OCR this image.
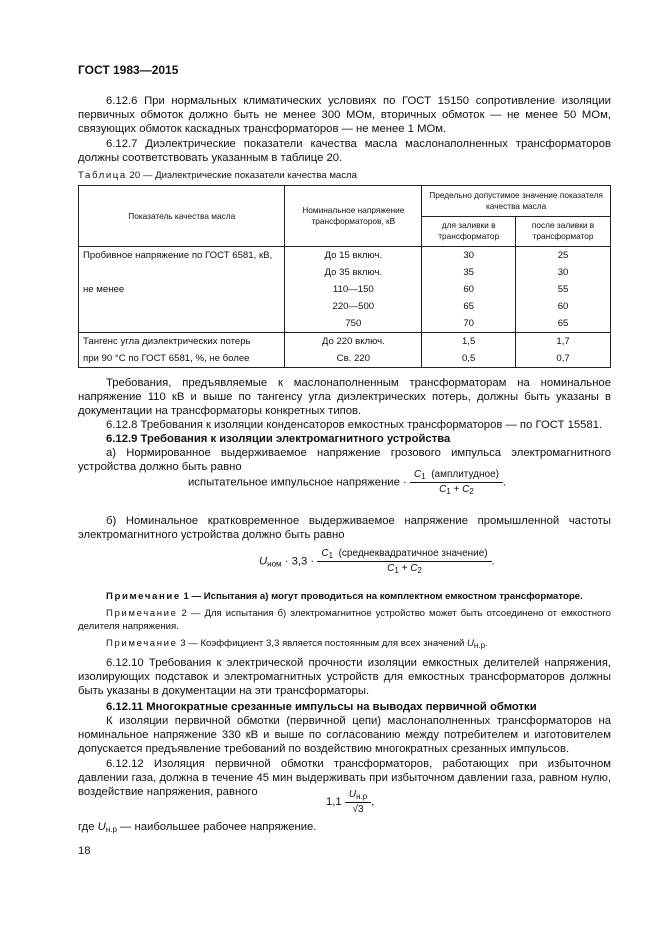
ГОСТ 1983—2015
6.12.6 При нормальных климатических условиях по ГОСТ 15150 сопротивление изоляции первичных обмоток должно быть не менее 300 МОм, вторичных обмоток — не менее 50 МОм, связующих обмоток каскадных трансформаторов — не менее 1 МОм.
6.12.7 Диэлектрические показатели качества масла маслонаполненных трансформаторов должны соответствовать указанным в таблице 20.
Таблица 20 — Диэлектрические показатели качества масла
Показатель качества масла	Номинальное напряжение трансформаторов, кВ	Предельно допустимое значение показателя качества масла	
		для заливки в трансформатор	после заливки в трансформатор
Пробивное напряжение по ГОСТ 6581, кВ,	До 15 включ.	30	25
	До 35 включ.	35	30
не менее	110—150	60	55
	220—500	65	60
	750	70	65
Тангенс угла диэлектрических потерь	До 220 включ.	1,5	1,7
при 90 °С по ГОСТ 6581, %, не более	Св. 220	0,5	0,7
Требования, предъявляемые к маслонаполненным трансформаторам на номинальное напряжение 110 кВ и выше по тангенсу угла диэлектрических потерь, должны быть указаны в документации на трансформаторы конкретных типов.
6.12.8 Требования к изоляции конденсаторов емкостных трансформаторов — по ГОСТ 15581.
6.12.9 Требования к изоляции электромагнитного устройства
а) Нормированное выдерживаемое напряжение грозового импульса электромагнитного устройства должно быть равно
испытательное импульсное напряжение · $\frac{C_1 (амплитудное)}{C_1 + C_2}$ .
б) Номинальное кратковременное выдерживаемое напряжение промышленной частоты электромагнитного устройства должно быть равно
$U_{ном} \cdot 3,3 \cdot \frac{C_1 (среднеквадратичное значение)}{C_1 + C_2}$ .
Примечание 1 — Испытания а) могут проводиться на комплектном емкостном трансформаторе.
Примечание 2 — Для испытания б) электромагнитное устройство может быть отсоединено от емкостного делителя напряжения.
Примечание 3 — Коэффициент 3,3 является постоянным для всех значений $U_{н.р}$.
6.12.10 Требования к электрической прочности изоляции емкостных делителей напряжения, изолирующих подставок и электромагнитных устройств для емкостных трансформаторов должны быть указаны в документации на эти трансформаторы.
6.12.11 Многократные срезанные импульсы на выводах первичной обмотки
К изоляции первичной обмотки (первичной цепи) маслонаполненных трансформаторов на номинальное напряжение 330 кВ и выше по согласованию между потребителем и изготовителем допускается предъявление требований по воздействию многократных срезанных импульсов.
6.12.12 Изоляция первичной обмотки трансформаторов, работающих при избыточном давлении газа, должна в течение 45 мин выдерживать при избыточном давлении газа, равном нулю, воздействие напряжения, равного
$1,1 \frac{U_{н.р}}{√3}$ ,
где $U_{н.р}$ — наибольшее рабочее напряжение.
18
